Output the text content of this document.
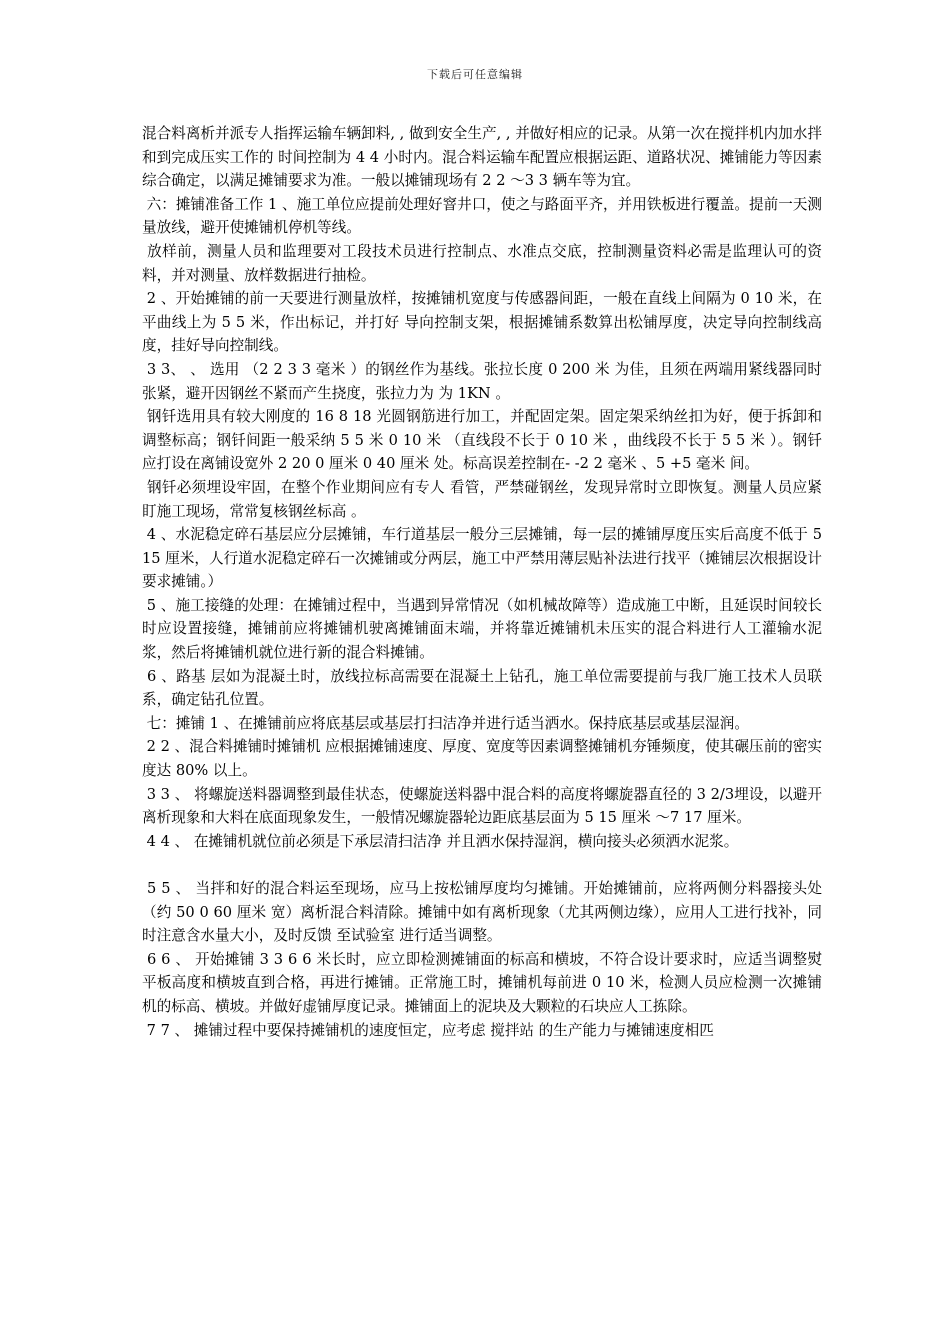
下载后可任意编辑

混合料离析并派专人指挥运输车辆卸料, , 做到安全生产, , 并做好相应的记录。从第一次在搅拌机内加水拌和到完成压实工作的 时间控制为 4 4 小时内。混合料运输车配置应根据运距、道路状况、摊铺能力等因素综合确定，以满足摊铺要求为准。一般以摊铺现场有 2 2 ～3 3 辆车等为宜。

六：摊铺准备工作 1 、施工单位应提前处理好窨井口，使之与路面平齐，并用铁板进行覆盖。提前一天测量放线，避开使摊铺机停机等线。

放样前，测量人员和监理要对工段技术员进行控制点、水准点交底，控制测量资料必需是监理认可的资料，并对测量、放样数据进行抽检。

2 、开始摊铺的前一天要进行测量放样，按摊铺机宽度与传感器间距，一般在直线上间隔为 0 10 米，在平曲线上为 5 5 米，作出标记，并打好 导向控制支架，根据摊铺系数算出松铺厚度，决定导向控制线高度，挂好导向控制线。

3 3、 、 选用 （2 2 3 3 毫米 ）的钢丝作为基线。张拉长度 0 200 米 为佳，且须在两端用紧线器同时张紧，避开因钢丝不紧而产生挠度，张拉力为 为 1KN 。

钢钎选用具有较大刚度的 16 8 18 光圆钢筋进行加工，并配固定架。固定架采纳丝扣为好，便于拆卸和调整标高；钢钎间距一般采纳 5 5 米 0 10 米 （直线段不长于 0 10 米 ，曲线段不长于 5 5 米 ）。钢钎应打设在离铺设宽外 2 20 0 厘米 0 40 厘米 处。标高误差控制在- -2 2 毫米 、5 +5 毫米 间。

钢钎必须埋设牢固，在整个作业期间应有专人 看管，严禁碰钢丝，发现异常时立即恢复。测量人员应紧盯施工现场，常常复核钢丝标高 。

4 、水泥稳定碎石基层应分层摊铺，车行道基层一般分三层摊铺，每一层的摊铺厚度压实后高度不低于 5 15 厘米，人行道水泥稳定碎石一次摊铺或分两层，施工中严禁用薄层贴补法进行找平（摊铺层次根据设计要求摊铺。）

5 、施工接缝的处理：在摊铺过程中，当遇到异常情况（如机械故障等）造成施工中断，且延误时间较长时应设置接缝，摊铺前应将摊铺机驶离摊铺面末端，并将靠近摊铺机未压实的混合料进行人工灌输水泥浆，然后将摊铺机就位进行新的混合料摊铺。

6 、路基 层如为混凝土时，放线拉标高需要在混凝土上钻孔，施工单位需要提前与我厂施工技术人员联系，确定钻孔位置。

七：摊铺 1 、在摊铺前应将底基层或基层打扫洁净并进行适当洒水。保持底基层或基层湿润。

2 2 、混合料摊铺时摊铺机 应根据摊铺速度、厚度、宽度等因素调整摊铺机夯锤频度，使其碾压前的密实度达 80% 以上。

3 3 、 将螺旋送料器调整到最佳状态，使螺旋送料器中混合料的高度将螺旋器直径的 3 2/3埋设，以避开离析现象和大料在底面现象发生，一般情况螺旋器轮边距底基层面为 5 15 厘米 ～7 17 厘米。

4 4 、 在摊铺机就位前必须是下承层清扫洁净 并且洒水保持湿润，横向接头必须洒水泥浆。

5 5 、 当拌和好的混合料运至现场，应马上按松铺厚度均匀摊铺。开始摊铺前，应将两侧分料器接头处（约 50 0 60 厘米 宽）离析混合料清除。摊铺中如有离析现象（尤其两侧边缘），应用人工进行找补，同时注意含水量大小，及时反馈 至试验室 进行适当调整。

6 6 、 开始摊铺 3 3 6 6 米长时，应立即检测摊铺面的标高和横坡，不符合设计要求时，应适当调整熨平板高度和横坡直到合格，再进行摊铺。正常施工时，摊铺机每前进 0 10 米，检测人员应检测一次摊铺机的标高、横坡。并做好虚铺厚度记录。摊铺面上的泥块及大颗粒的石块应人工拣除。

7 7 、 摊铺过程中要保持摊铺机的速度恒定，应考虑 搅拌站 的生产能力与摊铺速度相匹
